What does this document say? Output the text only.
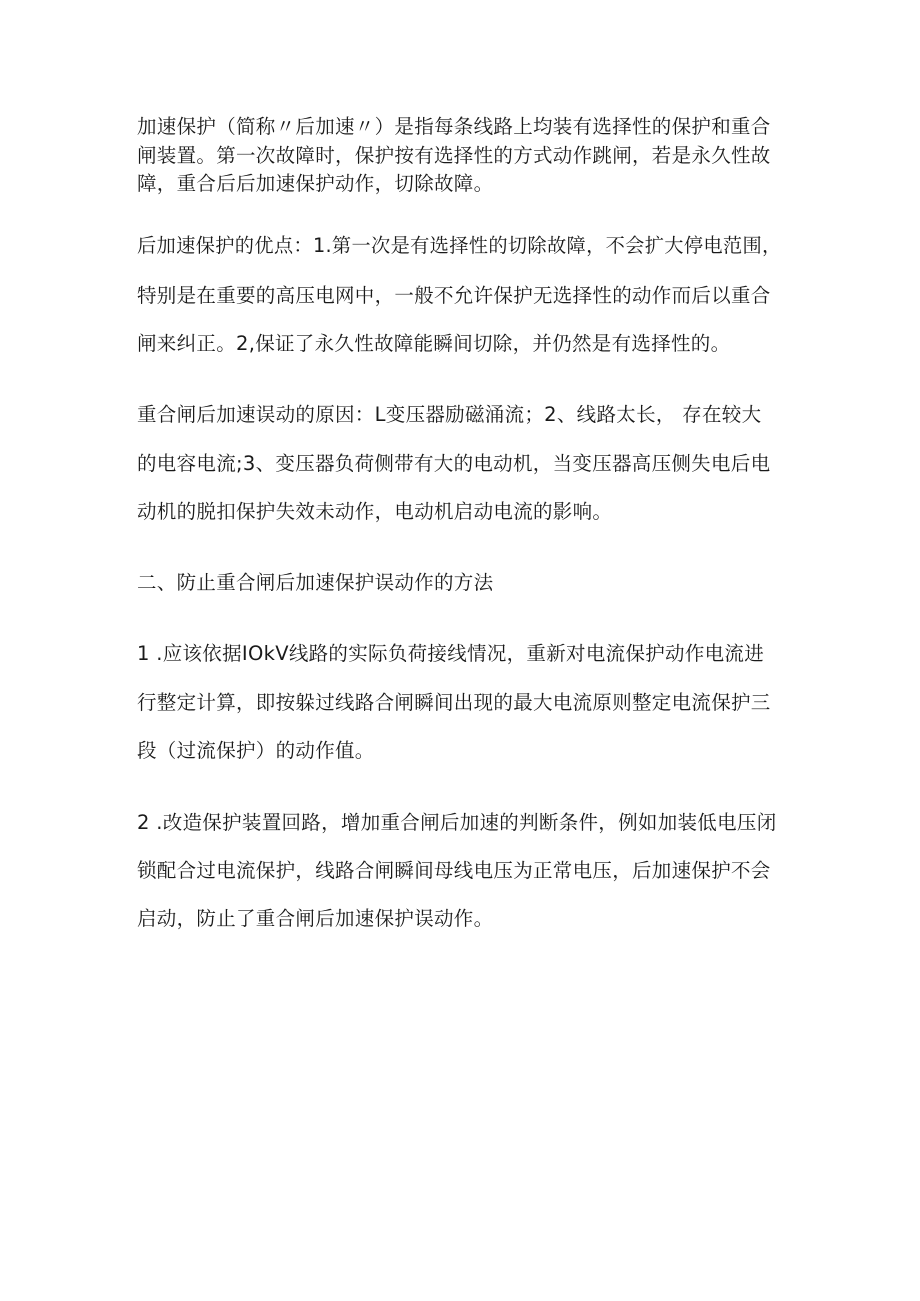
加速保护（简称〃后加速〃）是指每条线路上均装有选择性的保护和重合
闸装置。第一次故障时，保护按有选择性的方式动作跳闸，若是永久性故
障，重合后后加速保护动作，切除故障。
后加速保护的优点：1.第一次是有选择性的切除故障，不会扩大停电范围，
特别是在重要的高压电网中，一般不允许保护无选择性的动作而后以重合
闸来纠正。2,保证了永久性故障能瞬间切除，并仍然是有选择性的。
重合闸后加速误动的原因：L变压器励磁涌流；2、线路太长， 存在较大
的电容电流;3、变压器负荷侧带有大的电动机，当变压器高压侧失电后电
动机的脱扣保护失效未动作，电动机启动电流的影响。
二、防止重合闸后加速保护误动作的方法
1 .应该依据IOkV线路的实际负荷接线情况，重新对电流保护动作电流进
行整定计算，即按躲过线路合闸瞬间出现的最大电流原则整定电流保护三
段（过流保护）的动作值。
2 .改造保护装置回路，增加重合闸后加速的判断条件，例如加装低电压闭
锁配合过电流保护，线路合闸瞬间母线电压为正常电压，后加速保护不会
启动，防止了重合闸后加速保护误动作。
